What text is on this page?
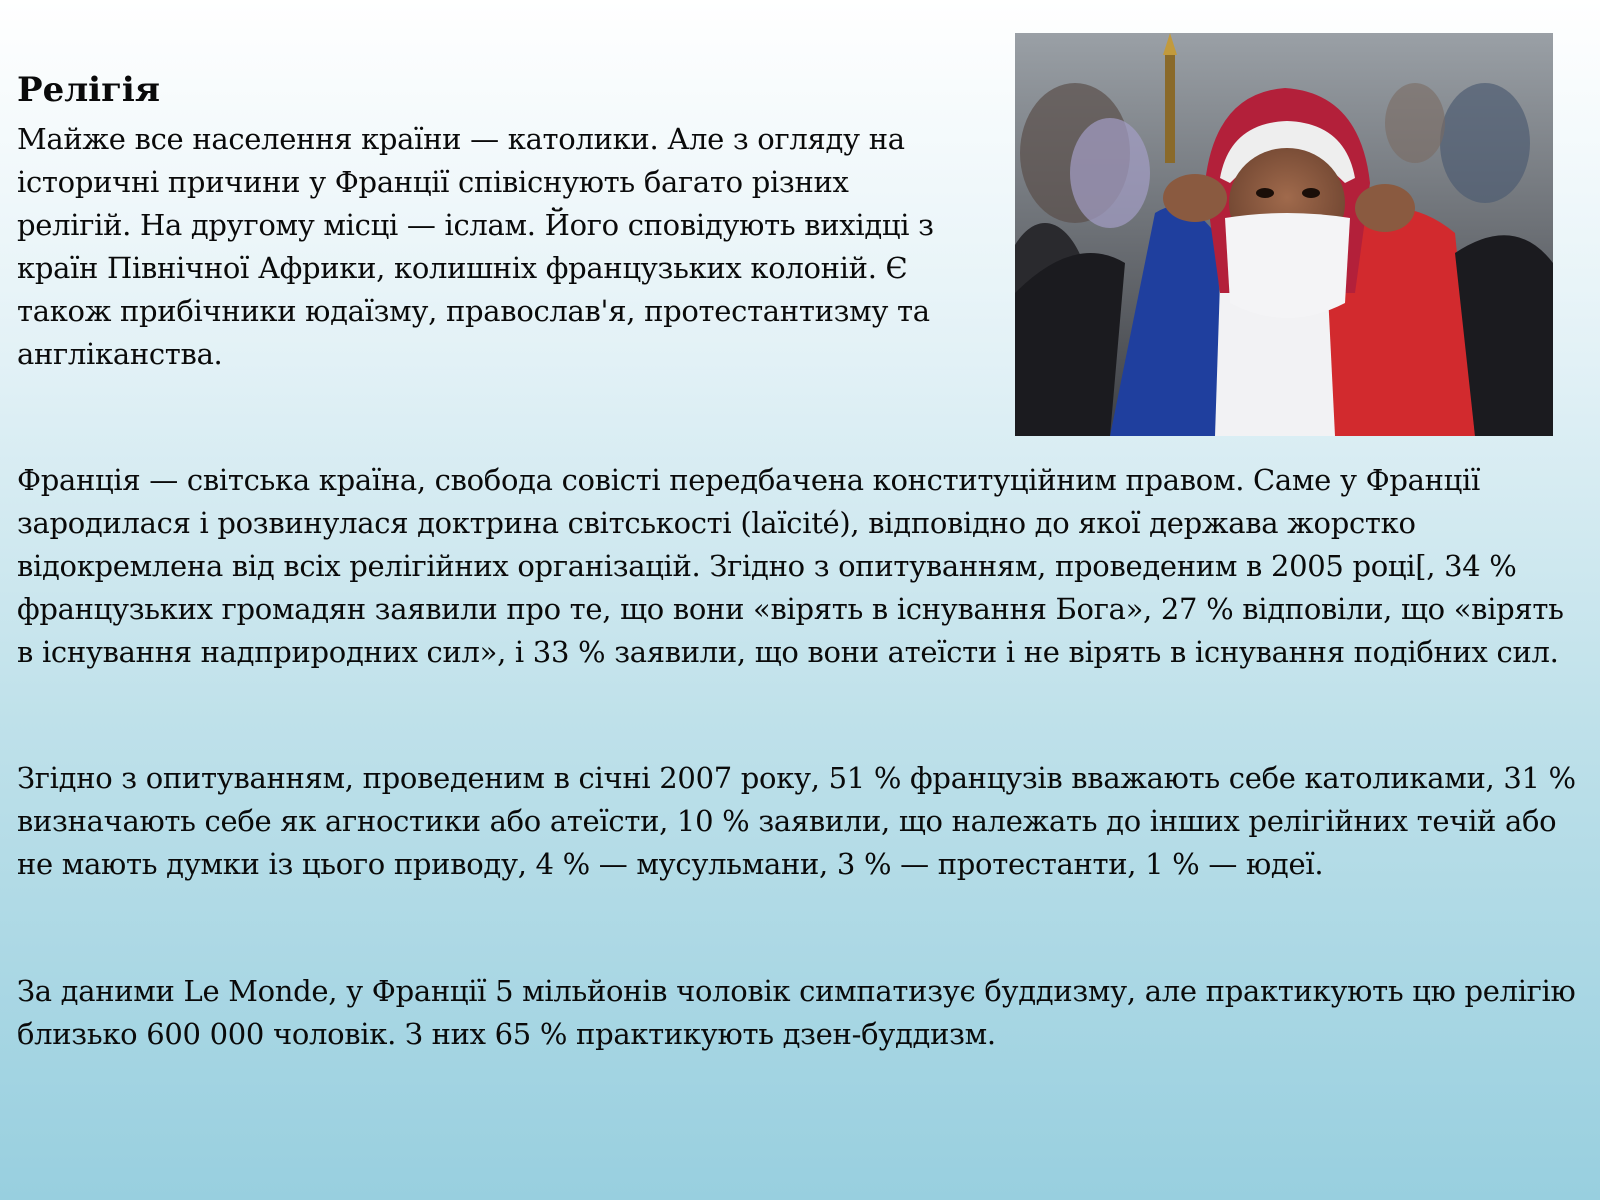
Релігія

Майже все населення країни — католики. Але з огляду на історичні причини у Франції співіснують багато різних релігій. На другому місці — іслам. Його сповідують вихідці з країн Північної Африки, колишніх французьких колоній. Є також прибічники юдаїзму, православ'я, протестантизму та англіканства.

Франція — світська країна, свобода совісті передбачена конституційним правом. Саме у Франції зародилася і розвинулася доктрина світськості (laïcité), відповідно до якої держава жорстко відокремлена від всіх релігійних організацій. Згідно з опитуванням, проведеним в 2005 році[, 34 % французьких громадян заявили про те, що вони «вірять в існування Бога», 27 % відповіли, що «вірять в існування надприродних сил», і 33 % заявили, що вони атеїсти і не вірять в існування подібних сил.

Згідно з опитуванням, проведеним в січні 2007 року, 51 % французів вважають себе католиками, 31 % визначають себе як агностики або атеїсти, 10 % заявили, що належать до інших релігійних течій або не мають думки із цього приводу, 4 % — мусульмани, 3 % — протестанти, 1 % — юдеї.

За даними Le Monde, у Франції 5 мільйонів чоловік симпатизує буддизму, але практикують цю релігію близько 600 000 чоловік. З них 65 % практикують дзен-буддизм.
